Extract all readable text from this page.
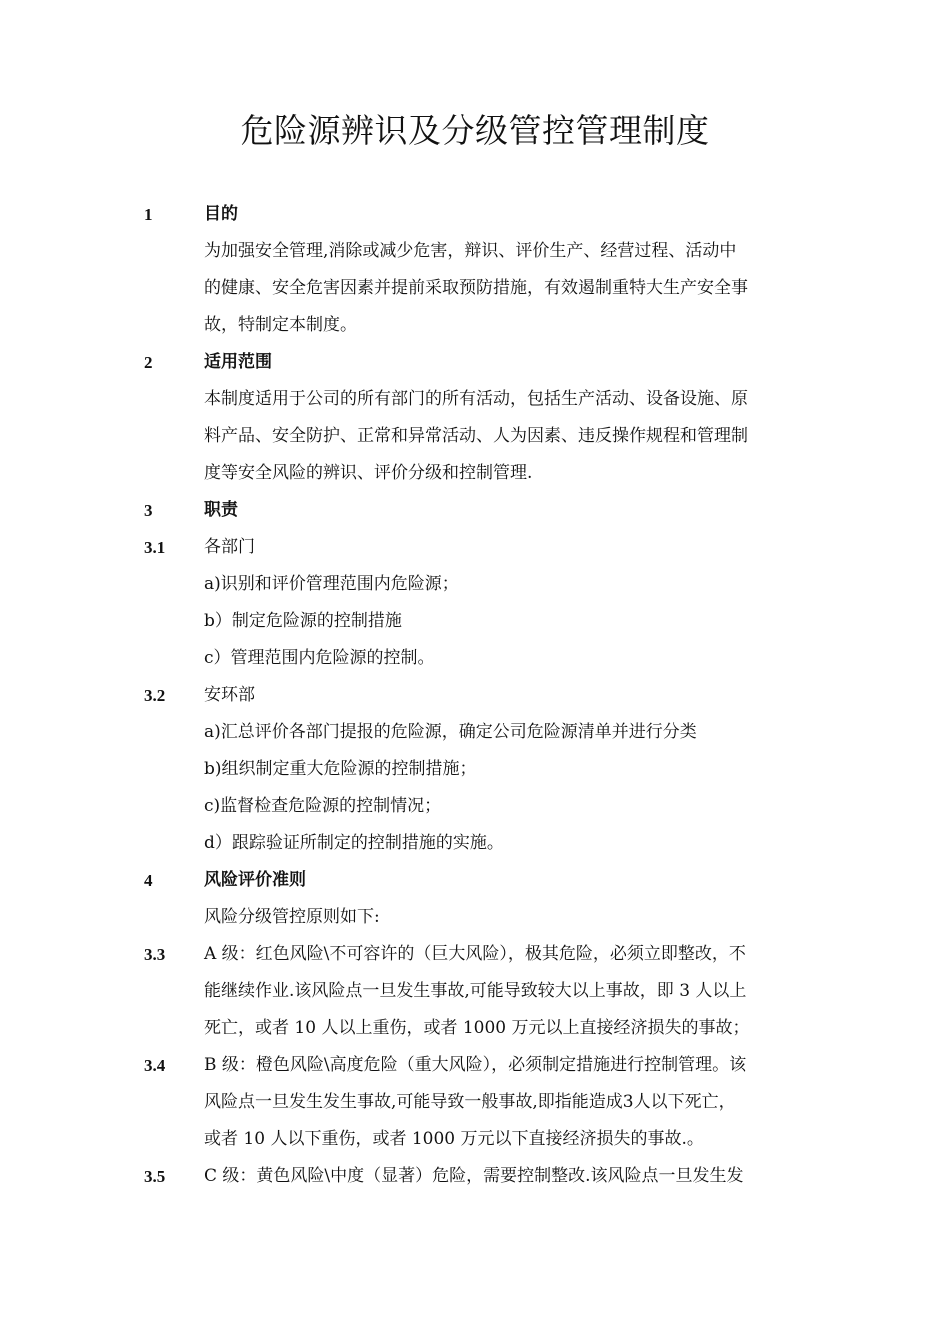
危险源辨识及分级管控管理制度
1	目的
为加强安全管理,消除或减少危害，辩识、评价生产、经营过程、活动中
的健康、安全危害因素并提前采取预防措施，有效遏制重特大生产安全事
故，特制定本制度。
2	适用范围
本制度适用于公司的所有部门的所有活动，包括生产活动、设备设施、原
料产品、安全防护、正常和异常活动、人为因素、违反操作规程和管理制
度等安全风险的辨识、评价分级和控制管理.
3	职责
3.1	各部门
a)识别和评价管理范围内危险源；
b）制定危险源的控制措施
c）管理范围内危险源的控制。
3.2	安环部
a)汇总评价各部门提报的危险源，确定公司危险源清单并进行分类
b)组织制定重大危险源的控制措施；
c)监督检查危险源的控制情况；
d）跟踪验证所制定的控制措施的实施。
4	风险评价准则
风险分级管控原则如下:
3.3	A 级：红色风险\不可容许的（巨大风险），极其危险，必须立即整改，不
能继续作业.该风险点一旦发生事故,可能导致较大以上事故，即 3 人以上
死亡，或者 10 人以上重伤，或者 1000 万元以上直接经济损失的事故；
3.4	B 级：橙色风险\高度危险（重大风险），必须制定措施进行控制管理。该
风险点一旦发生发生事故,可能导致一般事故,即指能造成3人以下死亡，
或者 10 人以下重伤，或者 1000 万元以下直接经济损失的事故.。
3.5	C 级：黄色风险\中度（显著）危险，需要控制整改.该风险点一旦发生发
